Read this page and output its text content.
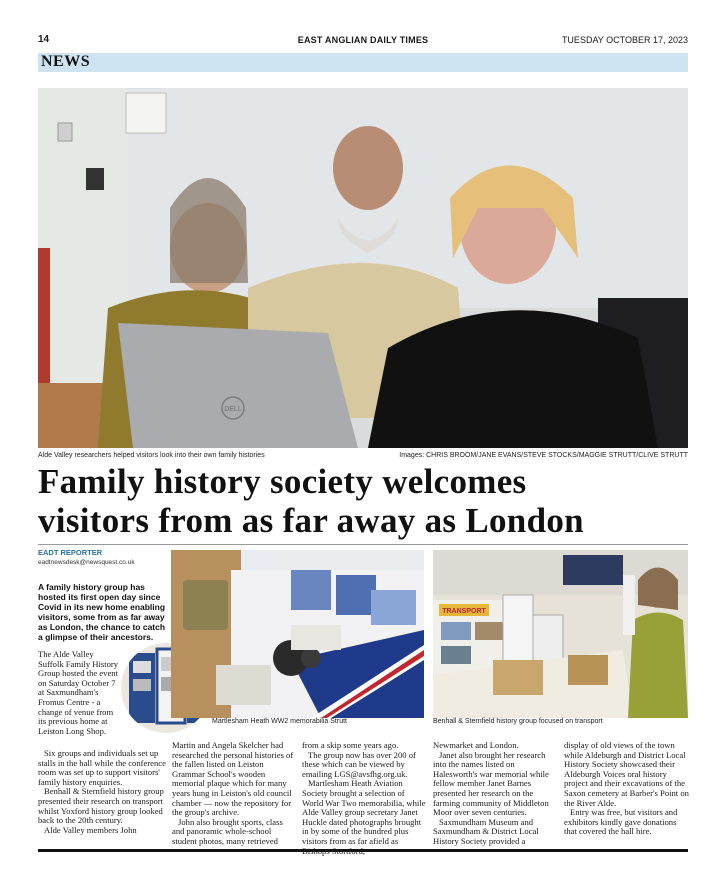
14	EAST ANGLIAN DAILY TIMES	TUESDAY OCTOBER 17, 2023
NEWS
DELL
Alde Valley researchers helped visitors look into their own family histories	Images: CHRIS BROOM/JANE EVANS/STEVE STOCKS/MAGGIE STRUTT/CLIVE STRUTT
Family history society welcomes
visitors from as far away as London
EADT REPORTER
eadtnewsdesk@newsquest.co.uk
A family history group has hosted its first open day since Covid in its new home enabling visitors, some from as far away as London, the chance to catch a glimpse of their ancestors.

The Alde Valley Suffolk Family History Group hosted the event on Saturday October 7 at Saxmundham's Fromus Centre - a change of venue from its previous home at Leiston Long Shop.

Six groups and individuals set up stalls in the hall while the conference room was set up to support visitors' family history enquiries.

Benhall & Sternfield history group presented their research on transport whilst Yoxford history group looked back to the 20th century.

Alde Valley members John

Martlesham Heath WW2 memorabilia Strutt
TRANSPORT
Benhall & Sternfield history group focused on transport

Martin and Angela Skelcher had researched the personal histories of the fallen listed on Leiston Grammar School's wooden memorial plaque which for many years hung in Leiston's old council chamber — now the repository for the group's archive.

John also brought sports, class and panoramic whole-school student photos, many retrieved

from a skip some years ago.

The group now has over 200 of these which can be viewed by emailing LGS@avsfhg.org.uk.

Martlesham Heath Aviation Society brought a selection of World War Two memorabilia, while Alde Valley group secretary Janet Huckle dated photographs brought in by some of the hundred plus visitors from as far afield as

Newmarket and London.

Janet also brought her research into the names listed on Halesworth's war memorial while fellow member Janet Barnes presented her research on the farming community of Middleton Moor over seven centuries.

Saxmundham Museum and Saxmundham & District Local History Society provided a

display of old views of the town while Aldeburgh and District Local History Society showcased their Aldeburgh Voices oral history project and their excavations of the Saxon cemetery at Barber's Point on the River Alde.

Entry was free, but visitors and exhibitors kindly gave donations that covered the hall hire.
